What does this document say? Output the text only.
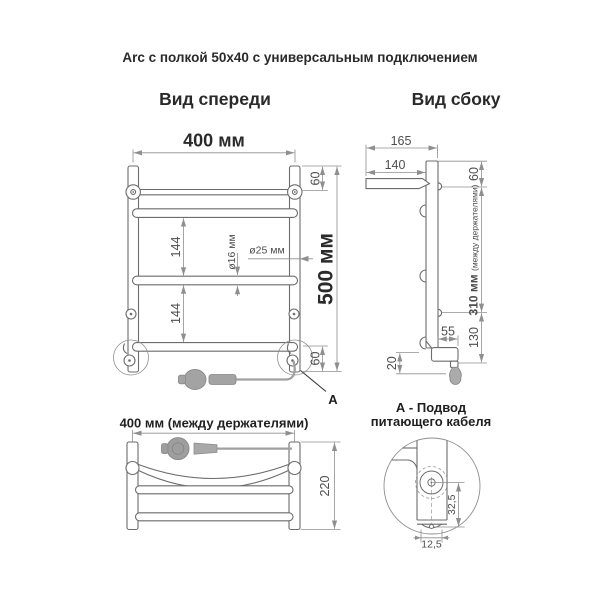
Arc с полкой 50x40 с универсальным подключением
Вид спереди	Вид сбоку
400 мм
500 мм
60
60
144
144
ø16 мм ø25 мм
А
165
140
60
310 мм (между держателями)
130
55
20
400 мм (между держателями)
220
А - Подвод
питающего кабеля
32,5
12,5
